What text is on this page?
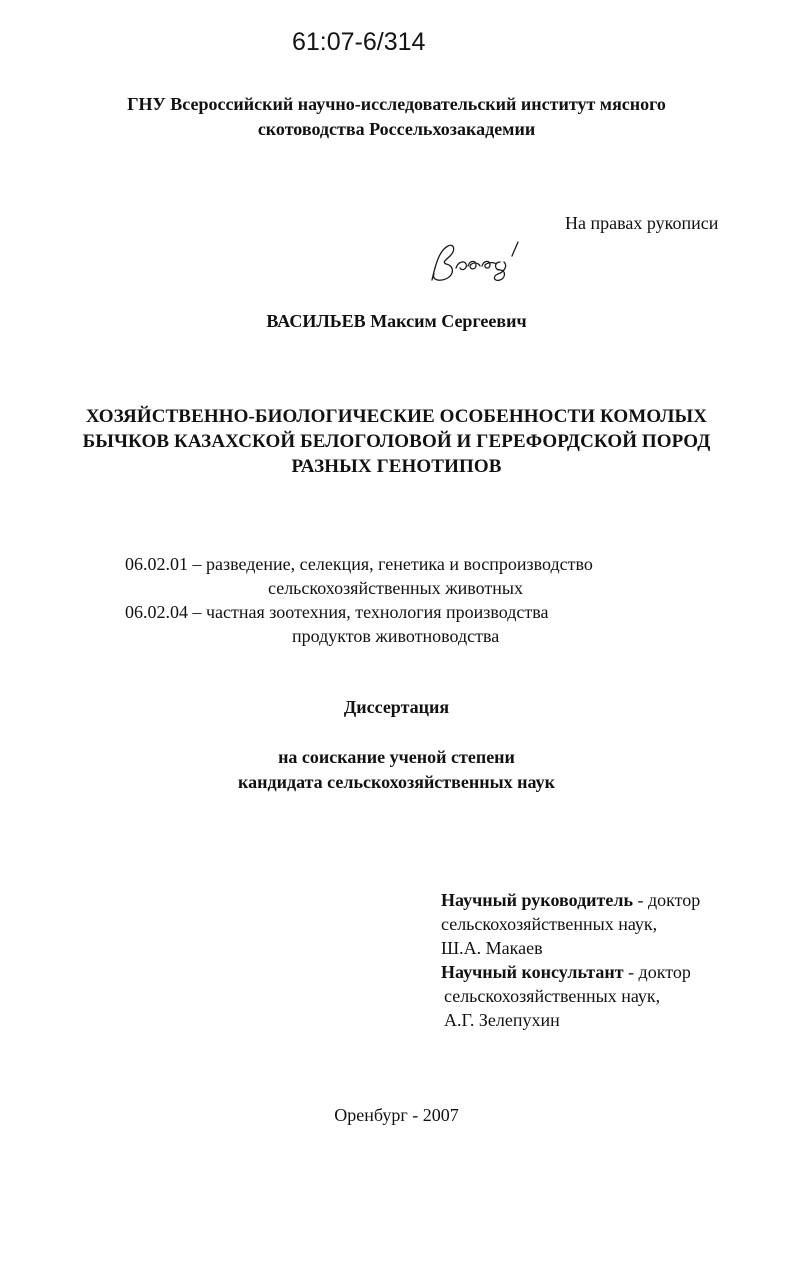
61:07-6/314
ГНУ Всероссийский научно-исследовательский институт мясного
скотоводства Россельхозакадемии
На правах рукописи
ВАСИЛЬЕВ Максим Сергеевич
ХОЗЯЙСТВЕННО-БИОЛОГИЧЕСКИЕ ОСОБЕННОСТИ КОМОЛЫХ
БЫЧКОВ КАЗАХСКОЙ БЕЛОГОЛОВОЙ И ГЕРЕФОРДСКОЙ ПОРОД
РАЗНЫХ ГЕНОТИПОВ
06.02.01 – разведение, селекция, генетика и воспроизводство
сельскохозяйственных животных
06.02.04 – частная зоотехния, технология производства
продуктов животноводства
Диссертация
на соискание ученой степени
кандидата сельскохозяйственных наук
Научный руководитель - доктор
сельскохозяйственных наук,
Ш.А. Макаев
Научный консультант - доктор
сельскохозяйственных наук,
А.Г. Зелепухин
Оренбург - 2007
